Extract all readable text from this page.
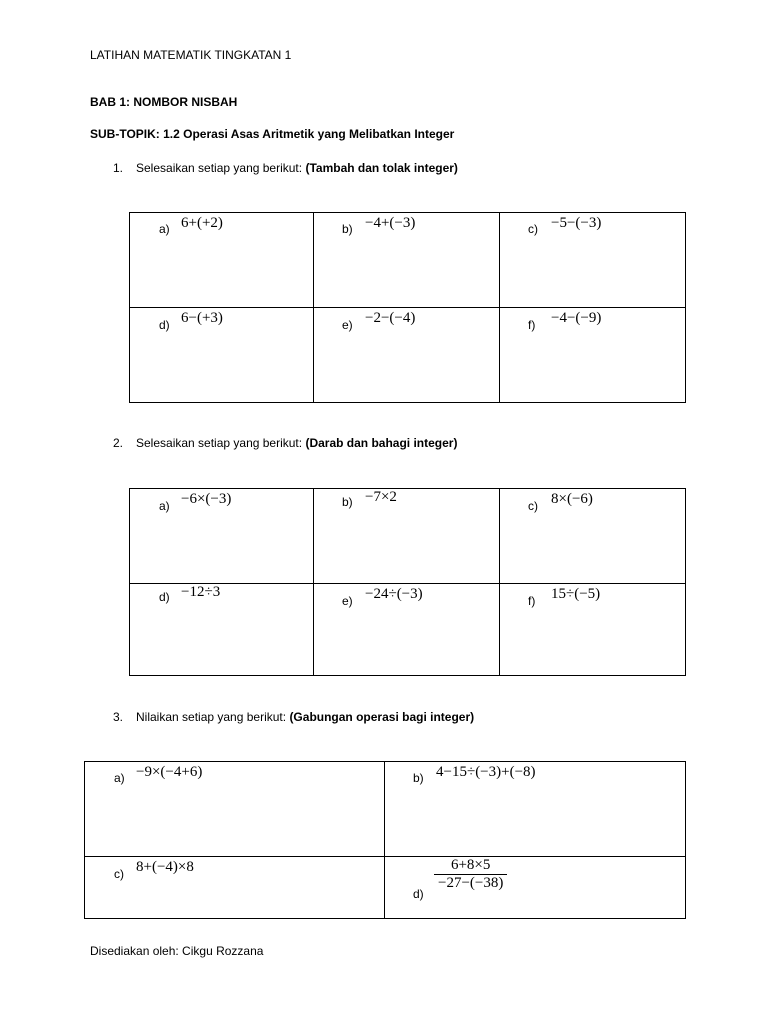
LATIHAN MATEMATIK TINGKATAN 1
BAB 1: NOMBOR NISBAH
SUB-TOPIK: 1.2 Operasi Asas Aritmetik yang Melibatkan Integer
1. Selesaikan setiap yang berikut: (Tambah dan tolak integer)
a) 6+(+2)	b) −4+(−3)	c) −5−(−3)

d) 6−(+3)	e) −2−(−4)	f) −4−(−9)
2. Selesaikan setiap yang berikut: (Darab dan bahagi integer)
a) −6×(−3)	b) −7×2	c) 8×(−6)

d) −12÷3	e) −24÷(−3)	f) 15÷(−5)
3. Nilaikan setiap yang berikut: (Gabungan operasi bagi integer)
a) −9×(−4+6)	b) 4−15÷(−3)+(−8)

c) 8+(−4)×8	d)
$\frac{6+8\times 5}{-27-(-38)}$
Disediakan oleh: Cikgu Rozzana
